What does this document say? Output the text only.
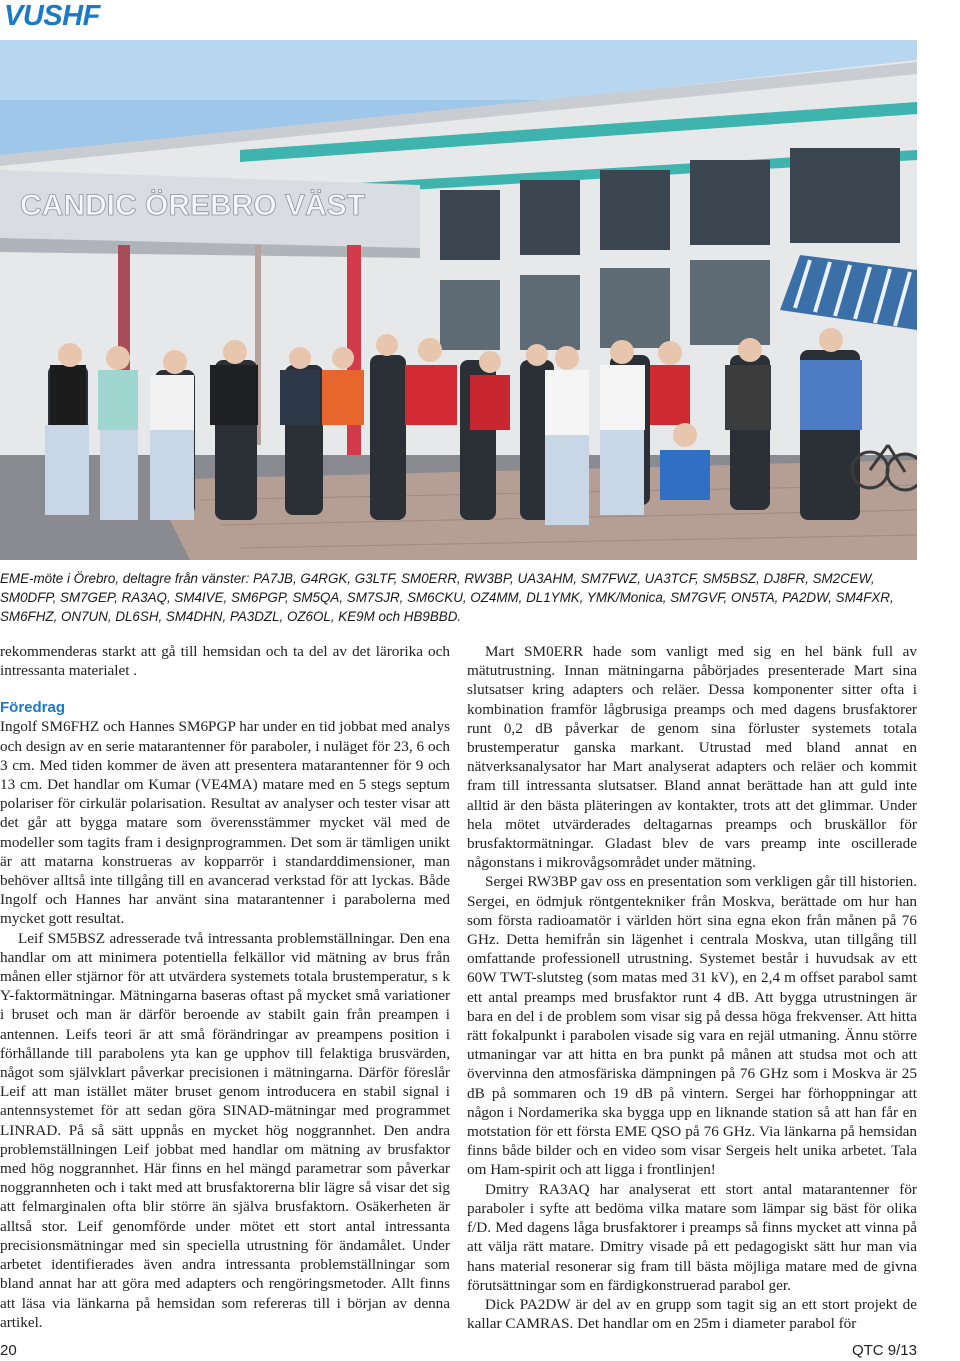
VUSHF
CANDIC ÖREBRO VÄST
EME-möte i Örebro, deltagre från vänster: PA7JB, G4RGK, G3LTF, SM0ERR, RW3BP, UA3AHM, SM7FWZ, UA3TCF, SM5BSZ, DJ8FR, SM2CEW, SM0DFP, SM7GEP, RA3AQ, SM4IVE, SM6PGP, SM5QA, SM7SJR, SM6CKU, OZ4MM, DL1YMK, YMK/Monica, SM7GVF, ON5TA, PA2DW, SM4FXR, SM6FHZ, ON7UN, DL6SH, SM4DHN, PA3DZL, OZ6OL, KE9M och HB9BBD.

rekommenderas starkt att gå till hemsidan och ta del av det lärorika och intressanta materialet .

Föredrag

Ingolf SM6FHZ och Hannes SM6PGP har under en tid jobbat med analys och design av en serie matarantenner för paraboler, i nuläget för 23, 6 och 3 cm. Med tiden kommer de även att presentera matarantenner för 9 och 13 cm. Det handlar om Kumar (VE4MA) matare med en 5 stegs septum polariser för cirkulär polarisation. Resultat av analyser och tester visar att det går att bygga matare som överensstämmer mycket väl med de modeller som tagits fram i designprogrammen. Det som är tämligen unikt är att matarna konstrueras av kopparrör i standarddimensioner, man behöver alltså inte tillgång till en avancerad verkstad för att lyckas. Både Ingolf och Hannes har använt sina matarantenner i parabolerna med mycket gott resultat.

Leif SM5BSZ adresserade två intressanta problemställningar. Den ena handlar om att minimera potentiella felkällor vid mätning av brus från månen eller stjärnor för att utvärdera systemets totala brustemperatur, s k Y-faktormätningar. Mätningarna baseras oftast på mycket små variationer i bruset och man är därför beroende av stabilt gain från preampen i antennen. Leifs teori är att små förändringar av preampens position i förhållande till parabolens yta kan ge upphov till felaktiga brusvärden, något som självklart påverkar precisionen i mätningarna. Därför föreslår Leif att man istället mäter bruset genom introducera en stabil signal i antennsystemet för att sedan göra SINAD-mätningar med programmet LINRAD. På så sätt uppnås en mycket hög noggrannhet. Den andra problemställningen Leif jobbat med handlar om mätning av brusfaktor med hög noggrannhet. Här finns en hel mängd parametrar som påverkar noggrannheten och i takt med att brusfaktorerna blir lägre så visar det sig att felmarginalen ofta blir större än själva brusfaktorn. Osäkerheten är alltså stor. Leif genomförde under mötet ett stort antal intressanta precisionsmätningar med sin speciella utrustning för ändamålet. Under arbetet identifierades även andra intressanta problemställningar som bland annat har att göra med adapters och rengöringsmetoder. Allt finns att läsa via länkarna på hemsidan som refereras till i början av denna artikel.

Mart SM0ERR hade som vanligt med sig en hel bänk full av mätutrustning. Innan mätningarna påbörjades presenterade Mart sina slutsatser kring adapters och reläer. Dessa komponenter sitter ofta i kombination framför lågbrusiga preamps och med dagens brusfaktorer runt 0,2 dB påverkar de genom sina förluster systemets totala brustemperatur ganska markant. Utrustad med bland annat en nätverksanalysator har Mart analyserat adapters och reläer och kommit fram till intressanta slutsatser. Bland annat berättade han att guld inte alltid är den bästa pläteringen av kontakter, trots att det glimmar. Under hela mötet utvärderades deltagarnas preamps och bruskällor för brusfaktormätningar. Gladast blev de vars preamp inte oscillerade någonstans i mikrovågsområdet under mätning.

Sergei RW3BP gav oss en presentation som verkligen går till historien. Sergei, en ödmjuk röntgentekniker från Moskva, berättade om hur han som första radioamatör i världen hört sina egna ekon från månen på 76 GHz. Detta hemifrån sin lägenhet i centrala Moskva, utan tillgång till omfattande professionell utrustning. Systemet består i huvudsak av ett 60W TWT-slutsteg (som matas med 31 kV), en 2,4 m offset parabol samt ett antal preamps med brusfaktor runt 4 dB. Att bygga utrustningen är bara en del i de problem som visar sig på dessa höga frekvenser. Att hitta rätt fokalpunkt i parabolen visade sig vara en rejäl utmaning. Ännu större utmaningar var att hitta en bra punkt på månen att studsa mot och att övervinna den atmosfäriska dämpningen på 76 GHz som i Moskva är 25 dB på sommaren och 19 dB på vintern. Sergei har förhoppningar att någon i Nordamerika ska bygga upp en liknande station så att han får en motstation för ett första EME QSO på 76 GHz. Via länkarna på hemsidan finns både bilder och en video som visar Sergeis helt unika arbetet. Tala om Ham-spirit och att ligga i frontlinjen!

Dmitry RA3AQ har analyserat ett stort antal matarantenner för paraboler i syfte att bedöma vilka matare som lämpar sig bäst för olika f/D. Med dagens låga brusfaktorer i preamps så finns mycket att vinna på att välja rätt matare. Dmitry visade på ett pedagogiskt sätt hur man via hans material resonerar sig fram till bästa möjliga matare med de givna förutsättningar som en färdigkonstruerad parabol ger.

Dick PA2DW är del av en grupp som tagit sig an ett stort projekt de kallar CAMRAS. Det handlar om en 25m i diameter parabol för

20	QTC 9/13
